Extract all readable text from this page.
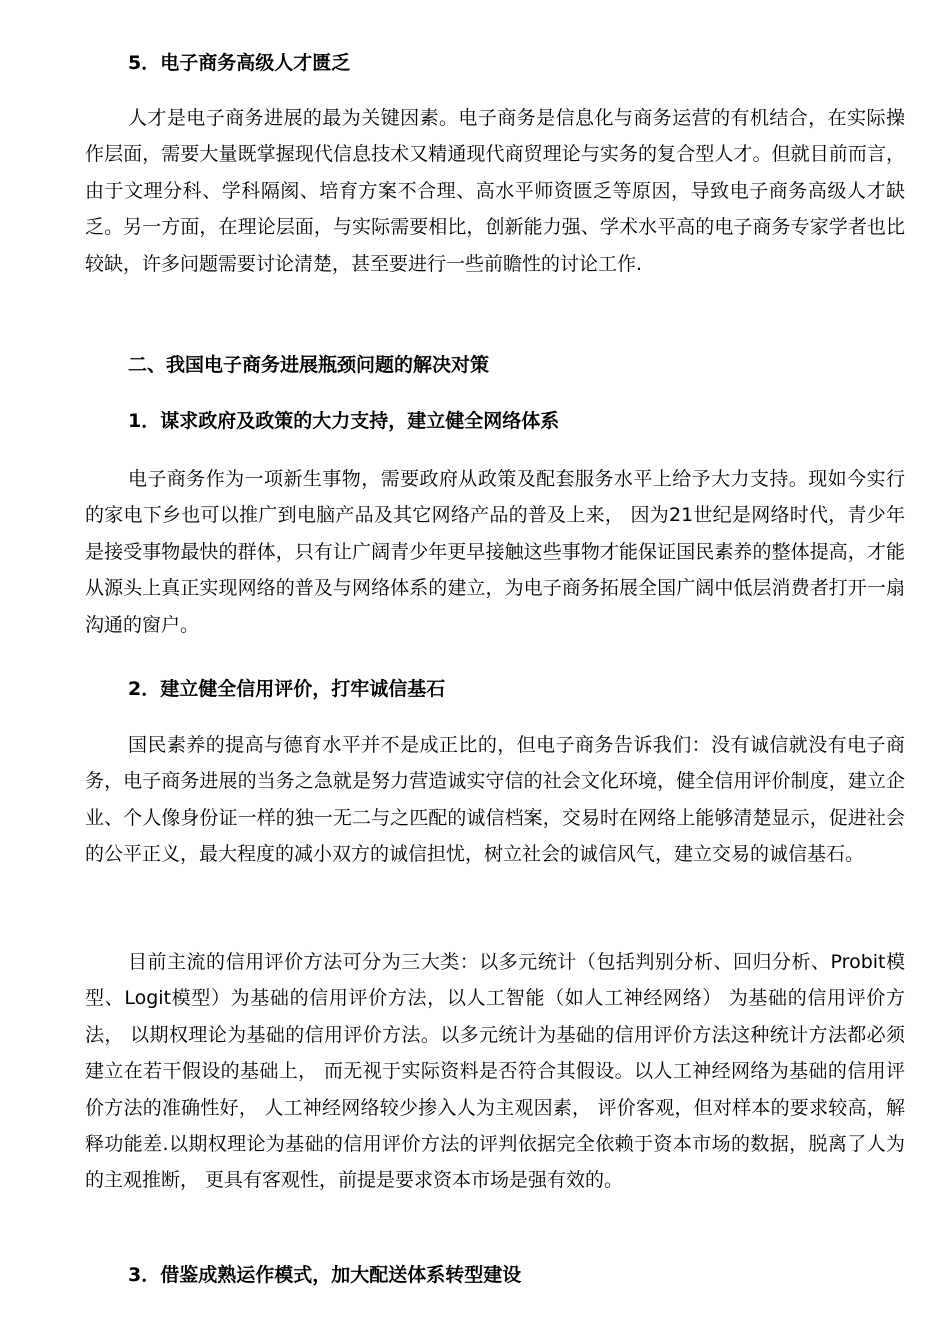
5．电子商务高级人才匮乏

人才是电子商务进展的最为关键因素。电子商务是信息化与商务运营的有机结合，在实际操作层面，需要大量既掌握现代信息技术又精通现代商贸理论与实务的复合型人才。但就目前而言，由于文理分科、学科隔阂、培育方案不合理、高水平师资匮乏等原因，导致电子商务高级人才缺乏。另一方面，在理论层面，与实际需要相比，创新能力强、学术水平高的电子商务专家学者也比较缺，许多问题需要讨论清楚，甚至要进行一些前瞻性的讨论工作.

二、我国电子商务进展瓶颈问题的解决对策
1．谋求政府及政策的大力支持，建立健全网络体系

电子商务作为一项新生事物，需要政府从政策及配套服务水平上给予大力支持。现如今实行的家电下乡也可以推广到电脑产品及其它网络产品的普及上来， 因为21世纪是网络时代，青少年是接受事物最快的群体，只有让广阔青少年更早接触这些事物才能保证国民素养的整体提高，才能从源头上真正实现网络的普及与网络体系的建立，为电子商务拓展全国广阔中低层消费者打开一扇沟通的窗户。

2．建立健全信用评价，打牢诚信基石

国民素养的提高与德育水平并不是成正比的，但电子商务告诉我们：没有诚信就没有电子商务，电子商务进展的当务之急就是努力营造诚实守信的社会文化环境，健全信用评价制度，建立企业、个人像身份证一样的独一无二与之匹配的诚信档案，交易时在网络上能够清楚显示，促进社会的公平正义，最大程度的减小双方的诚信担忧，树立社会的诚信风气，建立交易的诚信基石。

目前主流的信用评价方法可分为三大类：以多元统计（包括判别分析、回归分析、Probit模型、Logit模型）为基础的信用评价方法，以人工智能（如人工神经网络） 为基础的信用评价方法， 以期权理论为基础的信用评价方法。以多元统计为基础的信用评价方法这种统计方法都必须建立在若干假设的基础上， 而无视于实际资料是否符合其假设。以人工神经网络为基础的信用评价方法的准确性好， 人工神经网络较少掺入人为主观因素， 评价客观，但对样本的要求较高，解释功能差.以期权理论为基础的信用评价方法的评判依据完全依赖于资本市场的数据，脱离了人为的主观推断， 更具有客观性，前提是要求资本市场是强有效的。

3．借鉴成熟运作模式，加大配送体系转型建设
